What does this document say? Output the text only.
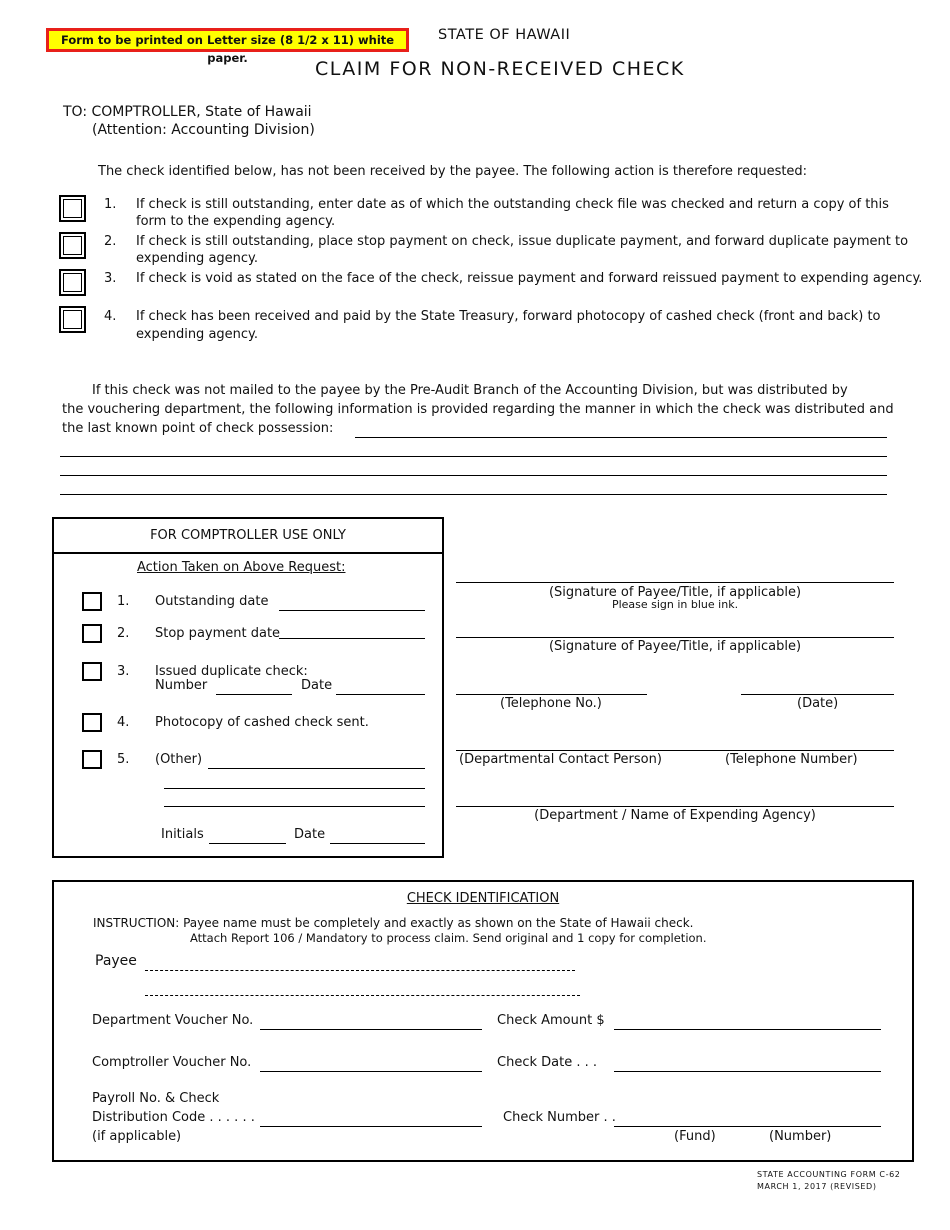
Form to be printed on Letter size (8 1/2 x 11) white paper.
STATE OF HAWAII
CLAIM FOR NON-RECEIVED CHECK
TO: COMPTROLLER, State of Hawaii
(Attention: Accounting Division)
The check identified below, has not been received by the payee. The following action is therefore requested:
1. If check is still outstanding, enter date as of which the outstanding check file was checked and return a copy of this
form to the expending agency.
2. If check is still outstanding, place stop payment on check, issue duplicate payment, and forward duplicate payment to
expending agency.
3. If check is void as stated on the face of the check, reissue payment and forward reissued payment to expending agency.
4. If check has been received and paid by the State Treasury, forward photocopy of cashed check (front and back) to
expending agency.
If this check was not mailed to the payee by the Pre-Audit Branch of the Accounting Division, but was distributed by
the vouchering department, the following information is provided regarding the manner in which the check was distributed and
the last known point of check possession:
FOR COMPTROLLER USE ONLY
Action Taken on Above Request:
1. Outstanding date
2. Stop payment date
3. Issued duplicate check:
Number	Date
4. Photocopy of cashed check sent.
5. (Other)
Initials	Date
(Signature of Payee/Title, if applicable)
Please sign in blue ink.
(Signature of Payee/Title, if applicable)
(Telephone No.)	(Date)
(Departmental Contact Person)	(Telephone Number)
(Department / Name of Expending Agency)
CHECK IDENTIFICATION
INSTRUCTION: Payee name must be completely and exactly as shown on the State of Hawaii check.
Attach Report 106 / Mandatory to process claim. Send original and 1 copy for completion.
Payee
Department Voucher No.	Check Amount $
Comptroller Voucher No.	Check Date . . .
Payroll No. & Check
Distribution Code . . . . . .
(if applicable)
Check Number . .
(Fund)	(Number)
STATE ACCOUNTING FORM C-62
MARCH 1, 2017 (REVISED)
